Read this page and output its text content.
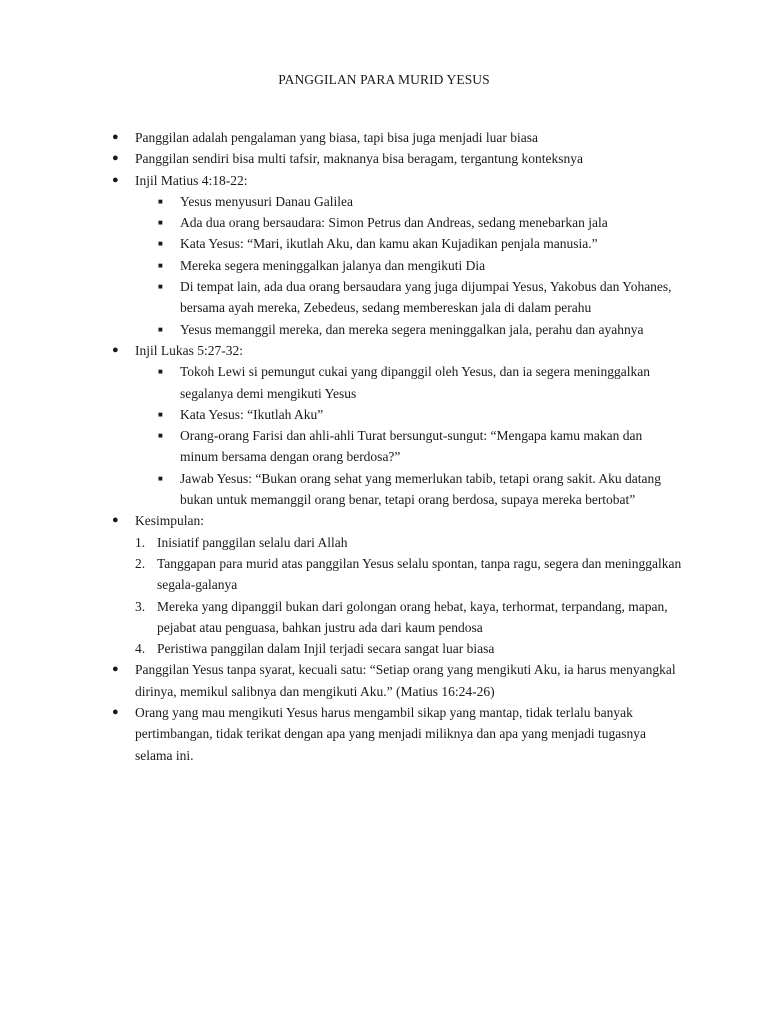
PANGGILAN PARA MURID YESUS
● Panggilan adalah pengalaman yang biasa, tapi bisa juga menjadi luar biasa
● Panggilan sendiri bisa multi tafsir, maknanya bisa beragam, tergantung konteksnya
● Injil Matius 4:18-22:
■ Yesus menyusuri Danau Galilea
■ Ada dua orang bersaudara: Simon Petrus dan Andreas, sedang menebarkan jala
■ Kata Yesus: “Mari, ikutlah Aku, dan kamu akan Kujadikan penjala manusia.”
■ Mereka segera meninggalkan jalanya dan mengikuti Dia
■ Di tempat lain, ada dua orang bersaudara yang juga dijumpai Yesus, Yakobus dan Yohanes, bersama ayah mereka, Zebedeus, sedang membereskan jala di dalam perahu
■ Yesus memanggil mereka, dan mereka segera meninggalkan jala, perahu dan ayahnya
● Injil Lukas 5:27-32:
■ Tokoh Lewi si pemungut cukai yang dipanggil oleh Yesus, dan ia segera meninggalkan segalanya demi mengikuti Yesus
■ Kata Yesus: “Ikutlah Aku”
■ Orang-orang Farisi dan ahli-ahli Turat bersungut-sungut: “Mengapa kamu makan dan minum bersama dengan orang berdosa?”
■ Jawab Yesus: “Bukan orang sehat yang memerlukan tabib, tetapi orang sakit. Aku datang bukan untuk memanggil orang benar, tetapi orang berdosa, supaya mereka bertobat”
● Kesimpulan:
1. Inisiatif panggilan selalu dari Allah
2. Tanggapan para murid atas panggilan Yesus selalu spontan, tanpa ragu, segera dan meninggalkan segala-galanya
3. Mereka yang dipanggil bukan dari golongan orang hebat, kaya, terhormat, terpandang, mapan, pejabat atau penguasa, bahkan justru ada dari kaum pendosa
4. Peristiwa panggilan dalam Injil terjadi secara sangat luar biasa
● Panggilan Yesus tanpa syarat, kecuali satu: “Setiap orang yang mengikuti Aku, ia harus menyangkal dirinya, memikul salibnya dan mengikuti Aku.” (Matius 16:24-26)
● Orang yang mau mengikuti Yesus harus mengambil sikap yang mantap, tidak terlalu banyak pertimbangan, tidak terikat dengan apa yang menjadi miliknya dan apa yang menjadi tugasnya selama ini.
